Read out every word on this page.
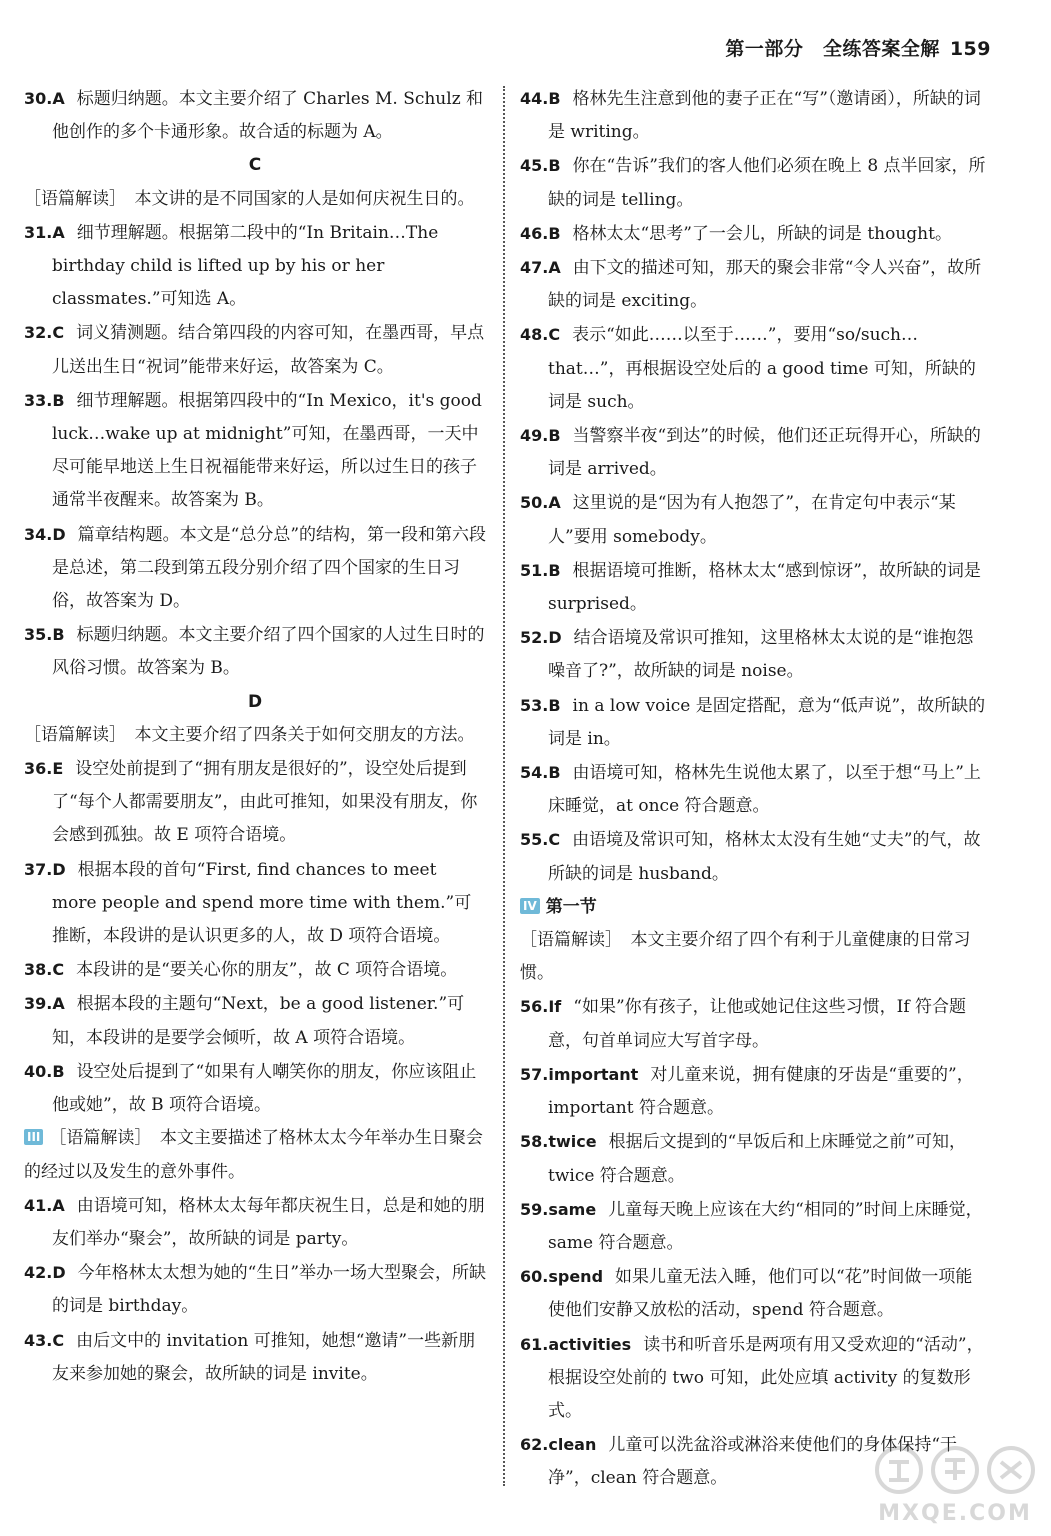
第一部分　全练答案全解 159

30.A 标题归纳题。本文主要介绍了 Charles M. Schulz 和他创作的多个卡通形象。故合适的标题为 A。

C

［语篇解读］　本文讲的是不同国家的人是如何庆祝生日的。

31.A 细节理解题。根据第二段中的“In Britain…The birthday child is lifted up by his or her classmates.”可知选 A。

32.C 词义猜测题。结合第四段的内容可知，在墨西哥，早点儿送出生日“祝词”能带来好运，故答案为 C。

33.B 细节理解题。根据第四段中的“In Mexico，it's good luck…wake up at midnight”可知，在墨西哥，一天中尽可能早地送上生日祝福能带来好运，所以过生日的孩子通常半夜醒来。故答案为 B。

34.D 篇章结构题。本文是“总分总”的结构，第一段和第六段是总述，第二段到第五段分别介绍了四个国家的生日习俗，故答案为 D。

35.B 标题归纳题。本文主要介绍了四个国家的人过生日时的风俗习惯。故答案为 B。

D

［语篇解读］　本文主要介绍了四条关于如何交朋友的方法。

36.E 设空处前提到了“拥有朋友是很好的”，设空处后提到了“每个人都需要朋友”，由此可推知，如果没有朋友，你会感到孤独。故 E 项符合语境。

37.D 根据本段的首句“First, find chances to meet more people and spend more time with them.”可推断，本段讲的是认识更多的人，故 D 项符合语境。

38.C 本段讲的是“要关心你的朋友”，故 C 项符合语境。

39.A 根据本段的主题句“Next，be a good listener.”可知，本段讲的是要学会倾听，故 A 项符合语境。

40.B 设空处后提到了“如果有人嘲笑你的朋友，你应该阻止他或她”，故 B 项符合语境。

III ［语篇解读］　本文主要描述了格林太太今年举办生日聚会的经过以及发生的意外事件。

41.A 由语境可知，格林太太每年都庆祝生日，总是和她的朋友们举办“聚会”，故所缺的词是 party。

42.D 今年格林太太想为她的“生日”举办一场大型聚会，所缺的词是 birthday。

43.C 由后文中的 invitation 可推知，她想“邀请”一些新朋友来参加她的聚会，故所缺的词是 invite。

44.B 格林先生注意到他的妻子正在“写”（邀请函），所缺的词是 writing。

45.B 你在“告诉”我们的客人他们必须在晚上 8 点半回家，所缺的词是 telling。

46.B 格林太太“思考”了一会儿，所缺的词是 thought。

47.A 由下文的描述可知，那天的聚会非常“令人兴奋”，故所缺的词是 exciting。

48.C 表示“如此……以至于……”，要用“so/such…that…”，再根据设空处后的 a good time 可知，所缺的词是 such。

49.B 当警察半夜“到达”的时候，他们还正玩得开心，所缺的词是 arrived。

50.A 这里说的是“因为有人抱怨了”，在肯定句中表示“某人”要用 somebody。

51.B 根据语境可推断，格林太太“感到惊讶”，故所缺的词是 surprised。

52.D 结合语境及常识可推知，这里格林太太说的是“谁抱怨噪音了?”，故所缺的词是 noise。

53.B in a low voice 是固定搭配，意为“低声说”，故所缺的词是 in。

54.B 由语境可知，格林先生说他太累了，以至于想“马上”上床睡觉，at once 符合题意。

55.C 由语境及常识可知，格林太太没有生她“丈夫”的气，故所缺的词是 husband。

IV 第一节

［语篇解读］　本文主要介绍了四个有利于儿童健康的日常习惯。

56.If “如果”你有孩子，让他或她记住这些习惯，If 符合题意，句首单词应大写首字母。

57.important 对儿童来说，拥有健康的牙齿是“重要的”，important 符合题意。

58.twice 根据后文提到的“早饭后和上床睡觉之前”可知，twice 符合题意。

59.same 儿童每天晚上应该在大约“相同的”时间上床睡觉，same 符合题意。

60.spend 如果儿童无法入睡，他们可以“花”时间做一项能使他们安静又放松的活动，spend 符合题意。

61.activities 读书和听音乐是两项有用又受欢迎的“活动”，根据设空处前的 two 可知，此处应填 activity 的复数形式。

62.clean 儿童可以洗盆浴或淋浴来使他们的身体保持“干净”，clean 符合题意。

MXQE.COM
